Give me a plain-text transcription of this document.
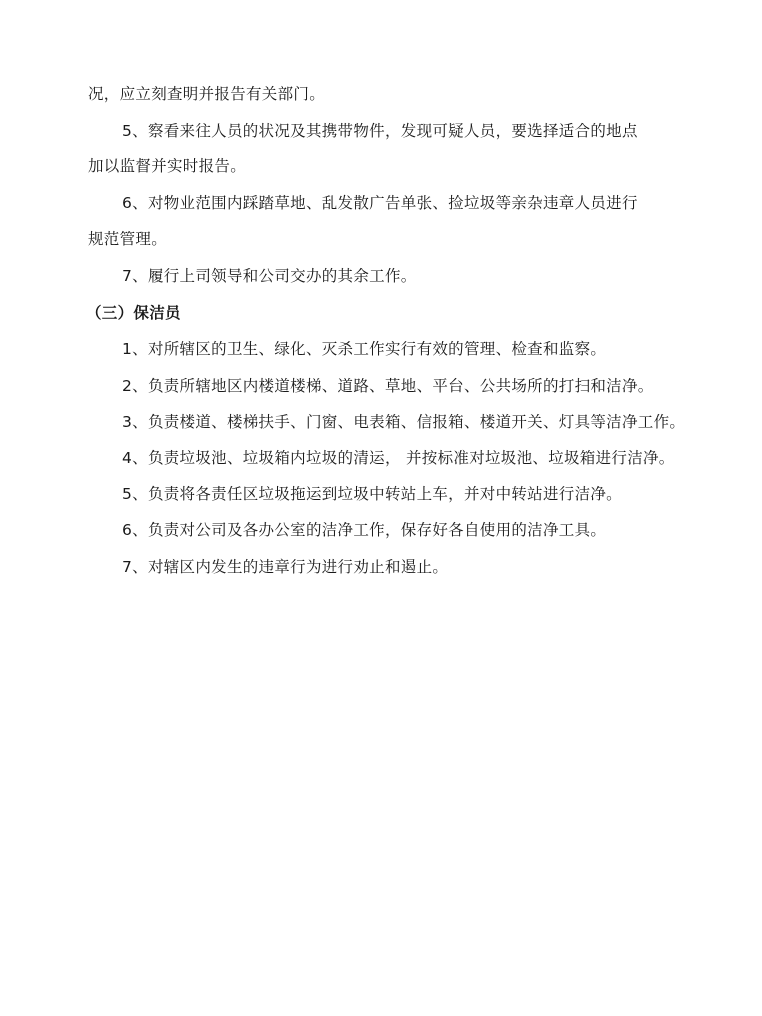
况，应立刻查明并报告有关部门。
5、察看来往人员的状况及其携带物件，发现可疑人员，要选择适合的地点
加以监督并实时报告。
6、对物业范围内踩踏草地、乱发散广告单张、捡垃圾等亲杂违章人员进行
规范管理。
7、履行上司领导和公司交办的其余工作。
（三）保洁员
1、对所辖区的卫生、绿化、灭杀工作实行有效的管理、检查和监察。
2、负责所辖地区内楼道楼梯、道路、草地、平台、公共场所的打扫和洁净。
3、负责楼道、楼梯扶手、门窗、电表箱、信报箱、楼道开关、灯具等洁净工作。
4、负责垃圾池、垃圾箱内垃圾的清运， 并按标准对垃圾池、垃圾箱进行洁净。
5、负责将各责任区垃圾拖运到垃圾中转站上车，并对中转站进行洁净。
6、负责对公司及各办公室的洁净工作，保存好各自使用的洁净工具。
7、对辖区内发生的违章行为进行劝止和遏止。
